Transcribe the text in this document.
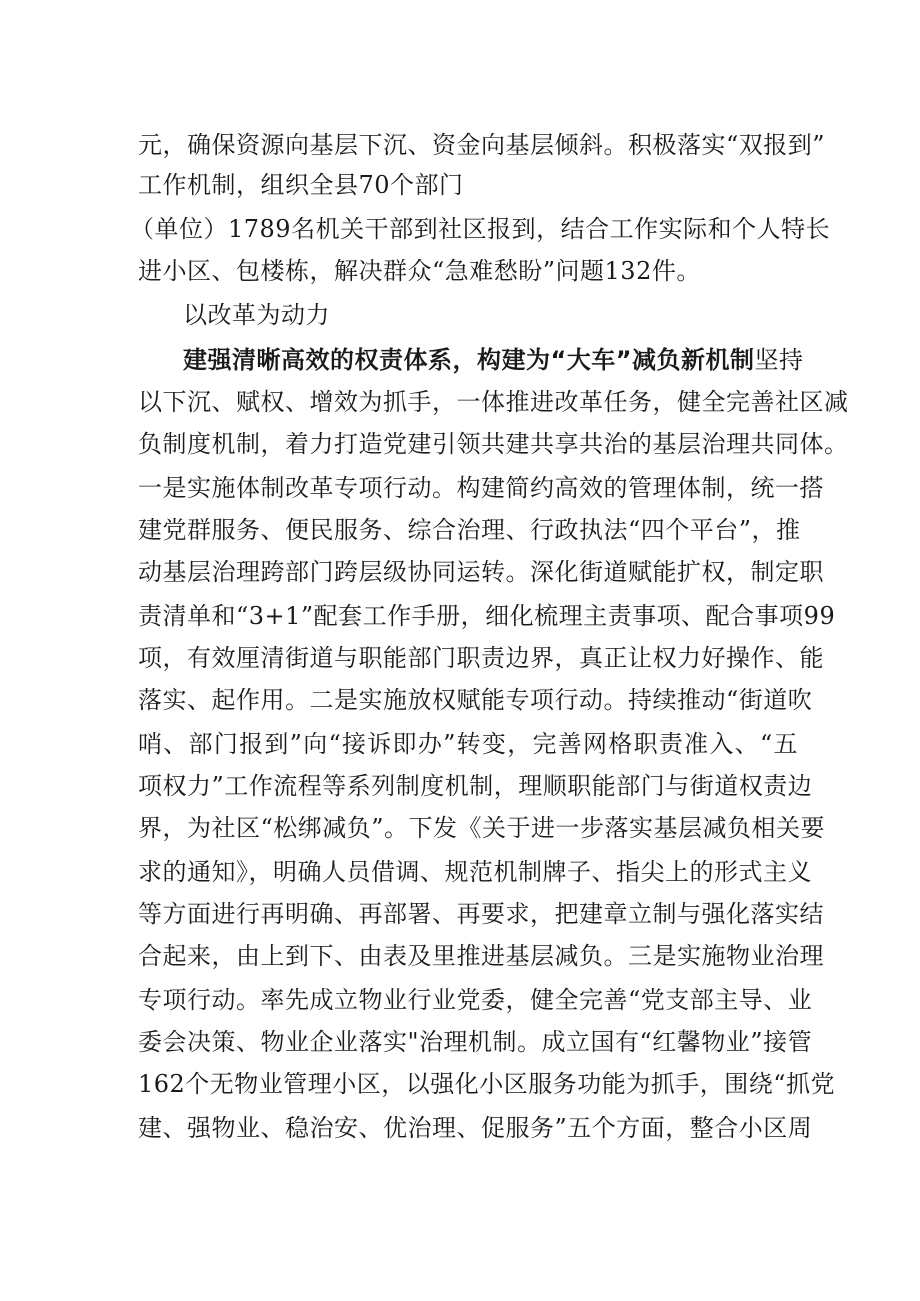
元，确保资源向基层下沉、资金向基层倾斜。积极落实“双报到”
工作机制，组织全县70个部门
（单位）1789名机关干部到社区报到，结合工作实际和个人特长
进小区、包楼栋，解决群众“急难愁盼”问题132件。
以改革为动力
建强清晰高效的权责体系，构建为“大车”减负新机制坚持
以下沉、赋权、增效为抓手，一体推进改革任务，健全完善社区减
负制度机制，着力打造党建引领共建共享共治的基层治理共同体。
一是实施体制改革专项行动。构建简约高效的管理体制，统一搭
建党群服务、便民服务、综合治理、行政执法“四个平台”，推
动基层治理跨部门跨层级协同运转。深化街道赋能扩权，制定职
责清单和“3+1”配套工作手册，细化梳理主责事项、配合事项99
项，有效厘清街道与职能部门职责边界，真正让权力好操作、能
落实、起作用。二是实施放权赋能专项行动。持续推动“街道吹
哨、部门报到”向“接诉即办”转变，完善网格职责准入、“五
项权力”工作流程等系列制度机制，理顺职能部门与街道权责边
界，为社区“松绑减负”。下发《关于进一步落实基层减负相关要
求的通知》，明确人员借调、规范机制牌子、指尖上的形式主义
等方面进行再明确、再部署、再要求，把建章立制与强化落实结
合起来，由上到下、由表及里推进基层减负。三是实施物业治理
专项行动。率先成立物业行业党委，健全完善“党支部主导、业
委会决策、物业企业落实"治理机制。成立国有“红馨物业”接管
162个无物业管理小区，以强化小区服务功能为抓手，围绕“抓党
建、强物业、稳治安、优治理、促服务”五个方面，整合小区周
